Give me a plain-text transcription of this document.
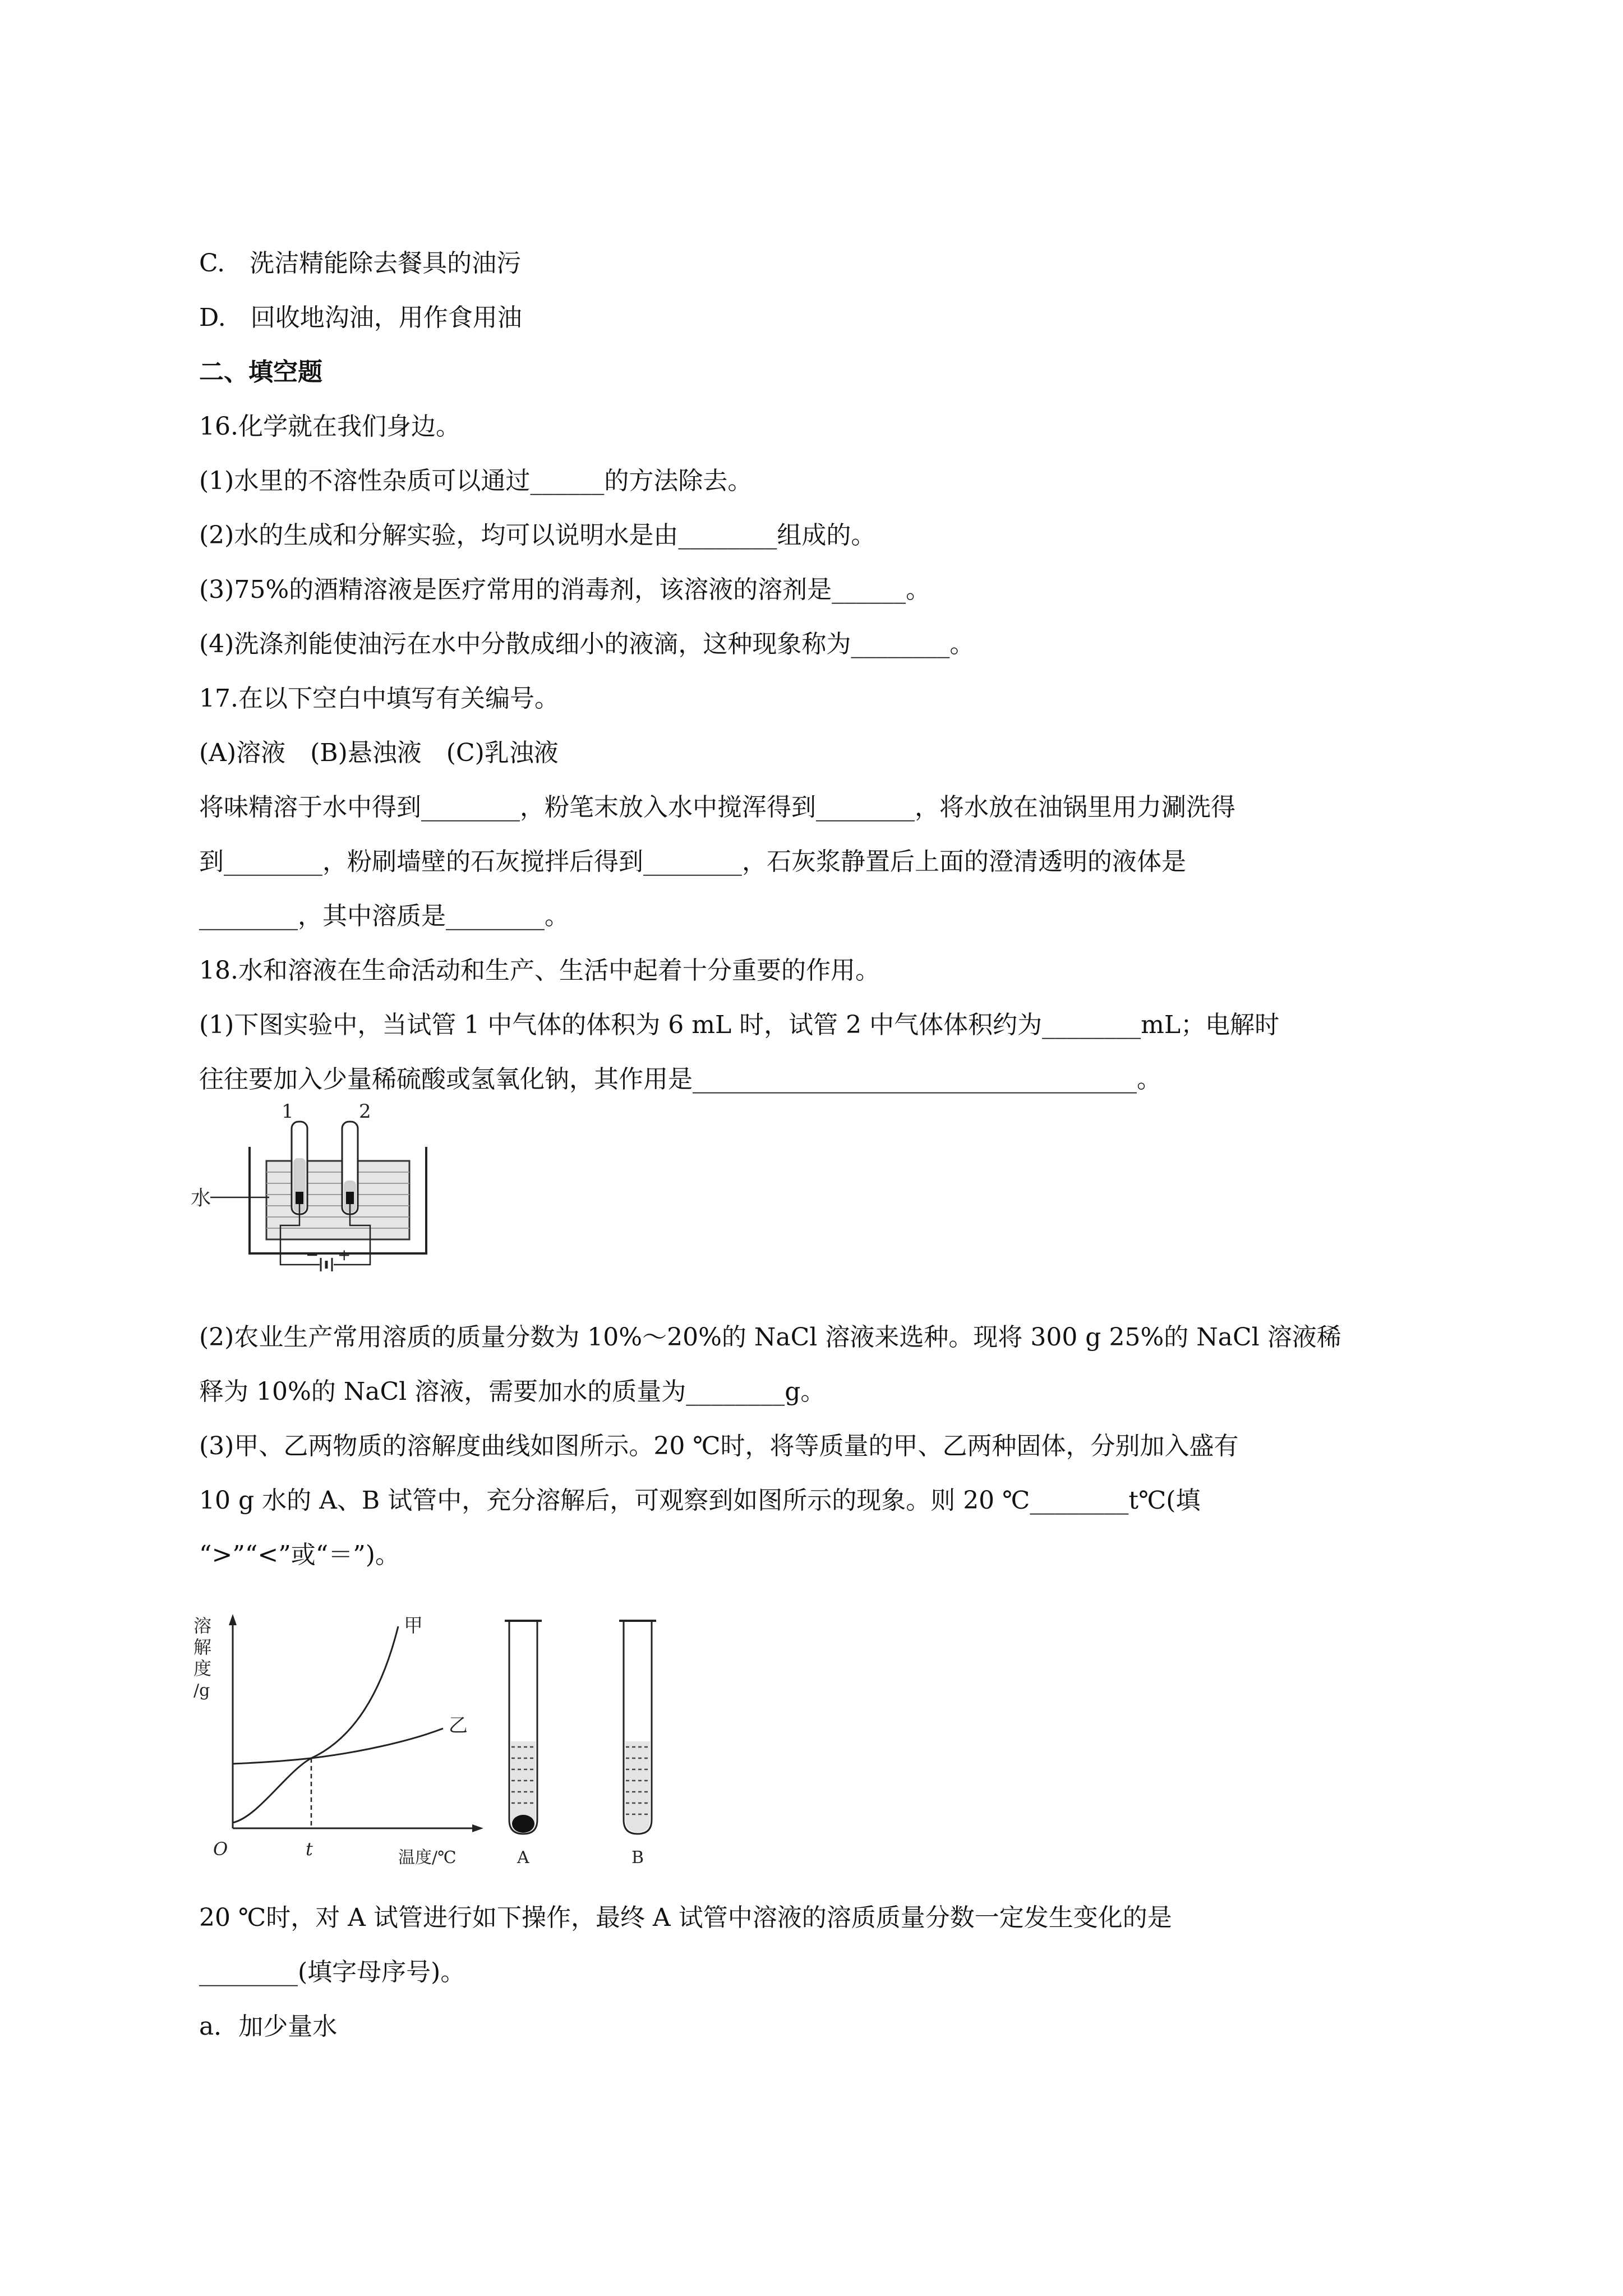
C.　洗洁精能除去餐具的油污
D.　回收地沟油，用作食用油
二、填空题
16.化学就在我们身边。
(1)水里的不溶性杂质可以通过______的方法除去。
(2)水的生成和分解实验，均可以说明水是由________组成的。
(3)75%的酒精溶液是医疗常用的消毒剂，该溶液的溶剂是______。
(4)洗涤剂能使油污在水中分散成细小的液滴，这种现象称为________。
17.在以下空白中填写有关编号。
(A)溶液　(B)悬浊液　(C)乳浊液
将味精溶于水中得到________，粉笔末放入水中搅浑得到________，将水放在油锅里用力涮洗得
到________，粉刷墙壁的石灰搅拌后得到________，石灰浆静置后上面的澄清透明的液体是
________，其中溶质是________。
18.水和溶液在生命活动和生产、生活中起着十分重要的作用。
(1)下图实验中，当试管 1 中气体的体积为 6 mL 时，试管 2 中气体体积约为________mL；电解时
往往要加入少量稀硫酸或氢氧化钠，其作用是____________________________________。
1	2
水
− +
(2)农业生产常用溶质的质量分数为 10%～20%的 NaCl 溶液来选种。现将 300 g 25%的 NaCl 溶液稀
释为 10%的 NaCl 溶液，需要加水的质量为________g。
(3)甲、乙两物质的溶解度曲线如图所示。20 ℃时，将等质量的甲、乙两种固体，分别加入盛有
10 g 水的 A、B 试管中，充分溶解后，可观察到如图所示的现象。则 20 ℃________t℃(填
“>”“<”或“＝”)。
溶
解
度
/g
O	t	温度/℃
甲
乙
A	B
20 ℃时，对 A 试管进行如下操作，最终 A 试管中溶液的溶质质量分数一定发生变化的是
________(填字母序号)。
a．加少量水
